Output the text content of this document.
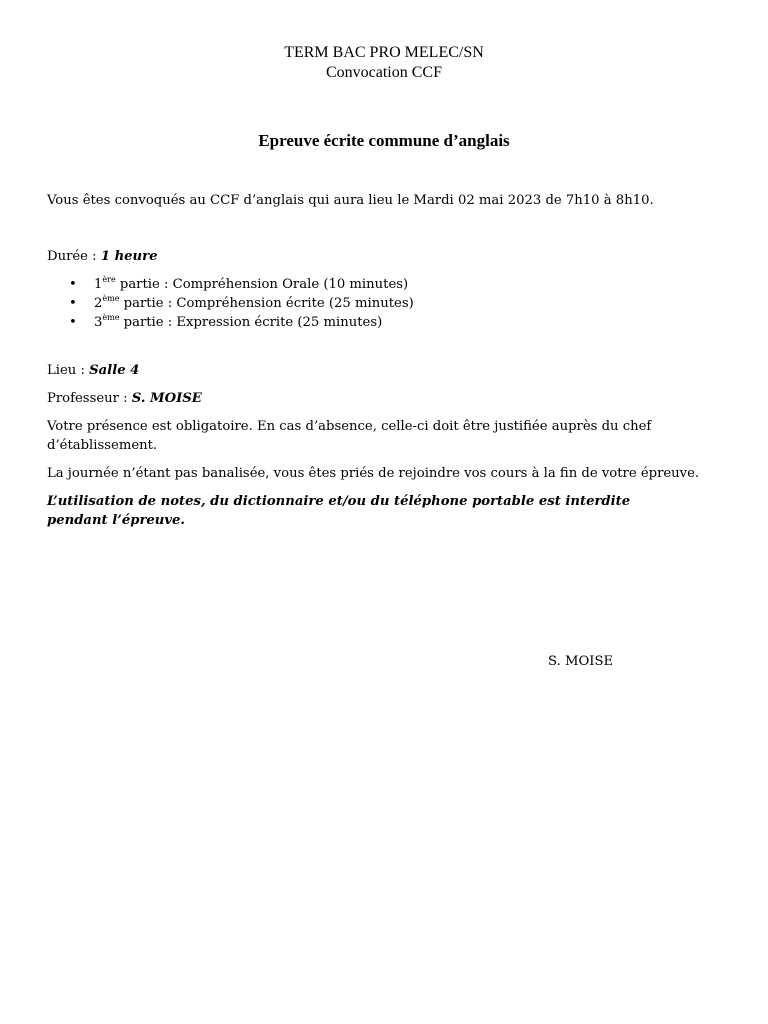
TERM BAC PRO MELEC/SN
Convocation CCF
Epreuve écrite commune d’anglais
Vous êtes convoqués au CCF d’anglais qui aura lieu le Mardi 02 mai 2023 de 7h10 à 8h10.
Durée : 1 heure
• 1ère partie : Compréhension Orale (10 minutes)
• 2ème partie : Compréhension écrite (25 minutes)
• 3ème partie : Expression écrite (25 minutes)
Lieu : Salle 4
Professeur : S. MOISE
Votre présence est obligatoire. En cas d’absence, celle-ci doit être justifiée auprès du chef d’établissement.
La journée n’étant pas banalisée, vous êtes priés de rejoindre vos cours à la fin de votre épreuve.
L’utilisation de notes, du dictionnaire et/ou du téléphone portable est interdite pendant l’épreuve.
S. MOISE
